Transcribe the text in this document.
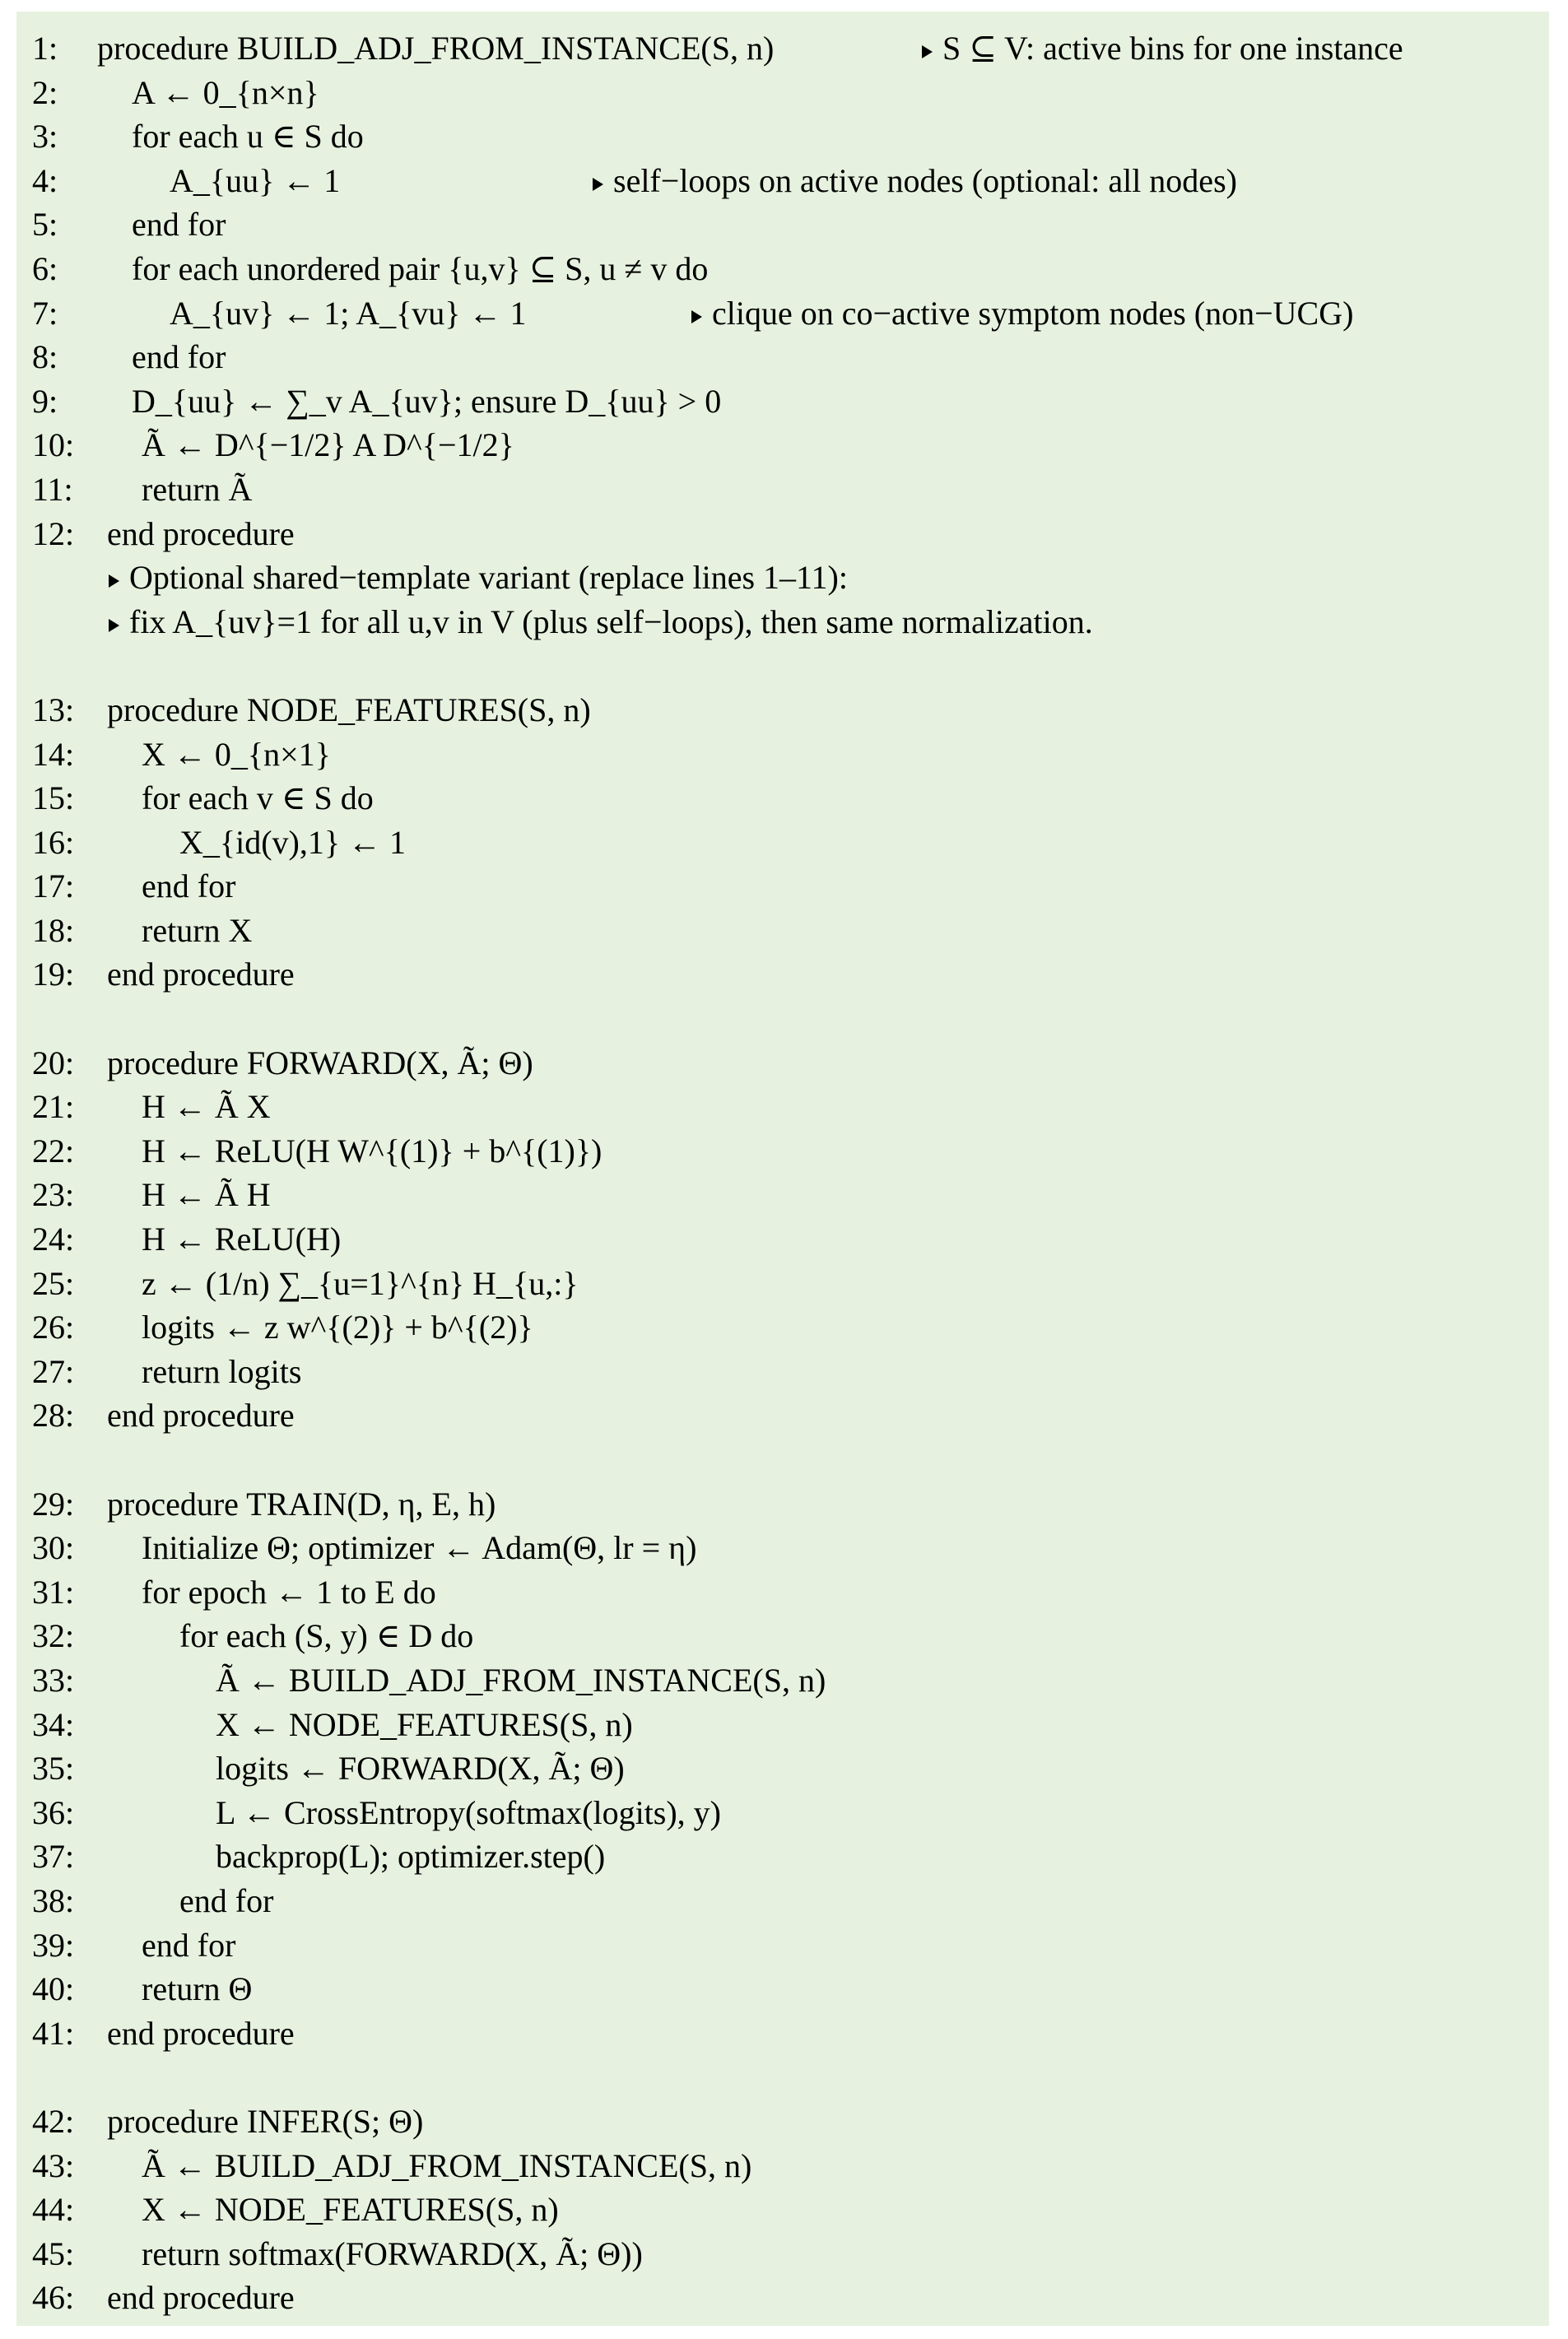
1: procedure BUILD_ADJ_FROM_INSTANCE(S, n)	S ⊆ V: active bins for one instance
2: A ← 0_{n×n}
3: for each u ∈ S do
4:	A_{uu} ← 1	self−loops on active nodes (optional: all nodes)
5: end for
6: for each unordered pair {u,v} ⊆ S, u ≠ v do
7:	A_{uv} ← 1; A_{vu} ← 1	clique on co−active symptom nodes (non−UCG)
8: end for
9: D_{uu} ← ∑_v A_{uv}; ensure D_{uu} > 0
10: Ã ← D^{−1/2} A D^{−1/2}
11: return Ã
12: end procedure
Optional shared−template variant (replace lines 1–11):
fix A_{uv}=1 for all u,v in V (plus self−loops), then same normalization.
13: procedure NODE_FEATURES(S, n)
14: X ← 0_{n×1}
15: for each v ∈ S do
16:	X_{id(v),1} ← 1
17: end for
18: return X
19: end procedure
20: procedure FORWARD(X, Ã; Θ)
21: H ← Ã X
22: H ← ReLU(H W^{(1)} + b^{(1)})
23: H ← Ã H
24: H ← ReLU(H)
25: z ← (1/n) ∑_{u=1}^{n} H_{u,:}
26: logits ← z w^{(2)} + b^{(2)}
27: return logits
28: end procedure
29: procedure TRAIN(D, η, E, h)
30: Initialize Θ; optimizer ← Adam(Θ, lr = η)
31: for epoch ← 1 to E do
32:	for each (S, y) ∈ D do
33:	Ã ← BUILD_ADJ_FROM_INSTANCE(S, n)
34:	X ← NODE_FEATURES(S, n)
35:	logits ← FORWARD(X, Ã; Θ)
36:	L ← CrossEntropy(softmax(logits), y)
37:	backprop(L); optimizer.step()
38:	end for
39: end for
40: return Θ
41: end procedure
42: procedure INFER(S; Θ)
43: Ã ← BUILD_ADJ_FROM_INSTANCE(S, n)
44: X ← NODE_FEATURES(S, n)
45: return softmax(FORWARD(X, Ã; Θ))
46: end procedure
